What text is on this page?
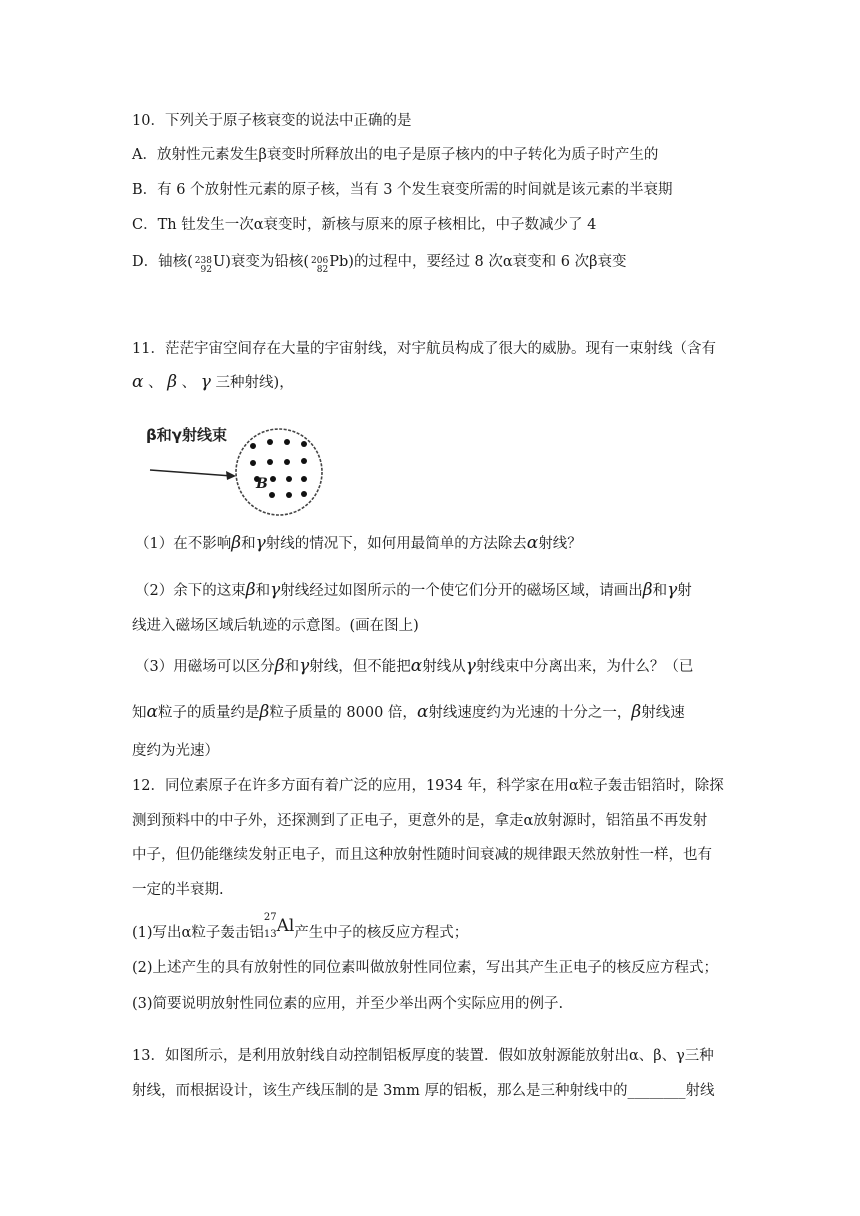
10．下列关于原子核衰变的说法中正确的是
A．放射性元素发生β衰变时所释放出的电子是原子核内的中子转化为质子时产生的
B．有 6 个放射性元素的原子核，当有 3 个发生衰变所需的时间就是该元素的半衰期
C．Th 钍发生一次α衰变时，新核与原来的原子核相比，中子数减少了 4
D．铀核( 238
92 U)衰变为铅核( 206
82 Pb)的过程中，要经过 8 次α衰变和 6 次β衰变
11．茫茫宇宙空间存在大量的宇宙射线，对宇航员构成了很大的威胁。现有一束射线（含有
α 、 β 、 γ 三种射线)，
β和γ射线束
B
（1）在不影响β和γ射线的情况下，如何用最简单的方法除去α射线？
（2）余下的这束β和γ射线经过如图所示的一个使它们分开的磁场区域，请画出β和γ射
线进入磁场区域后轨迹的示意图。(画在图上)
（3）用磁场可以区分β和γ射线，但不能把α射线从γ射线束中分离出来，为什么？（已
知α粒子的质量约是β粒子质量的 8000 倍，α射线速度约为光速的十分之一，β射线速
度约为光速）
12．同位素原子在许多方面有着广泛的应用，1934 年，科学家在用α粒子轰击铝箔时，除探
测到预料中的中子外，还探测到了正电子，更意外的是，拿走α放射源时，铝箔虽不再发射
中子，但仍能继续发射正电子，而且这种放射性随时间衰减的规律跟天然放射性一样，也有
一定的半衰期.
(1)写出α粒子轰击铝
27
13Al产生中子的核反应方程式；
(2)上述产生的具有放射性的同位素叫做放射性同位素，写出其产生正电子的核反应方程式；
(3)简要说明放射性同位素的应用，并至少举出两个实际应用的例子.
13．如图所示，是利用放射线自动控制铝板厚度的装置．假如放射源能放射出α、β、γ三种
射线，而根据设计，该生产线压制的是 3mm 厚的铝板，那么是三种射线中的________射线
